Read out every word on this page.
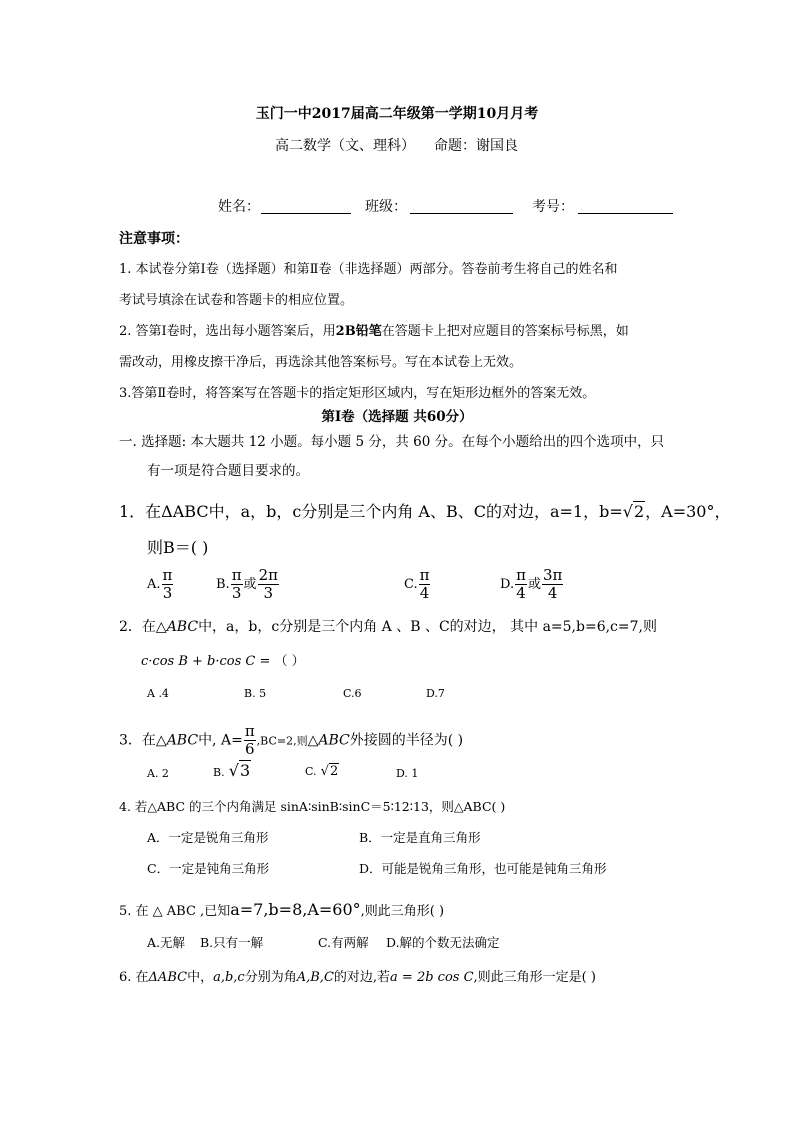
玉门一中2017届高二年级第一学期10月月考
高二数学（文、理科） 命题：谢国良
姓名：	班级：	考号：
注意事项：
1. 本试卷分第Ⅰ卷（选择题）和第Ⅱ卷（非选择题）两部分。答卷前考生将自己的姓名和
考试号填涂在试卷和答题卡的相应位置。
2. 答第Ⅰ卷时，选出每小题答案后，用2B铅笔在答题卡上把对应题目的答案标号标黑，如
需改动，用橡皮擦干净后，再选涂其他答案标号。写在本试卷上无效。
3.答第Ⅱ卷时，将答案写在答题卡的指定矩形区域内，写在矩形边框外的答案无效。
第Ⅰ卷（选择题 共60分）
一. 选择题: 本大题共 12 小题。每小题 5 分，共 60 分。在每个小题给出的四个选项中，只
有一项是符合题目要求的。
1．在ΔABC中，a，b，c分别是三个内角 A、B、C的对边，a=1，b=√2，A=30°，
则B＝( )
A. $\frac{\pi}{3}$	B. $\frac{\pi}{3}$ 或 $\frac{2\pi}{3}$	C. $\frac{\pi}{4}$	D. $\frac{\pi}{4}$ 或 $\frac{3\pi}{4}$
2．在△ABC中，a，b，c分别是三个内角 A 、B 、C的对边， 其中 a=5,b=6,c=7,则
c·cos B + b·cos C = （ ）
A .4	B. 5	C.6	D.7
3．在△ABC中, $A= \frac{\pi}{6} ,BC=2$,则△ABC外接圆的半径为( )
A. 2	B. √3	C. √2	D. 1
4. 若△ABC 的三个内角满足 sinA∶sinB∶sinC＝5∶12∶13，则△ABC( )
A．一定是锐角三角形	B．一定是直角三角形
C．一定是钝角三角形	D．可能是锐角三角形，也可能是钝角三角形
5. 在 △ ABC ,已知a=7,b=8,A=60°,则此三角形( )
A.无解 B.只有一解	C.有两解 D.解的个数无法确定
6. 在ΔABC中，a,b,c分别为角A,B,C的对边,若a = 2b cos C,则此三角形一定是( )
